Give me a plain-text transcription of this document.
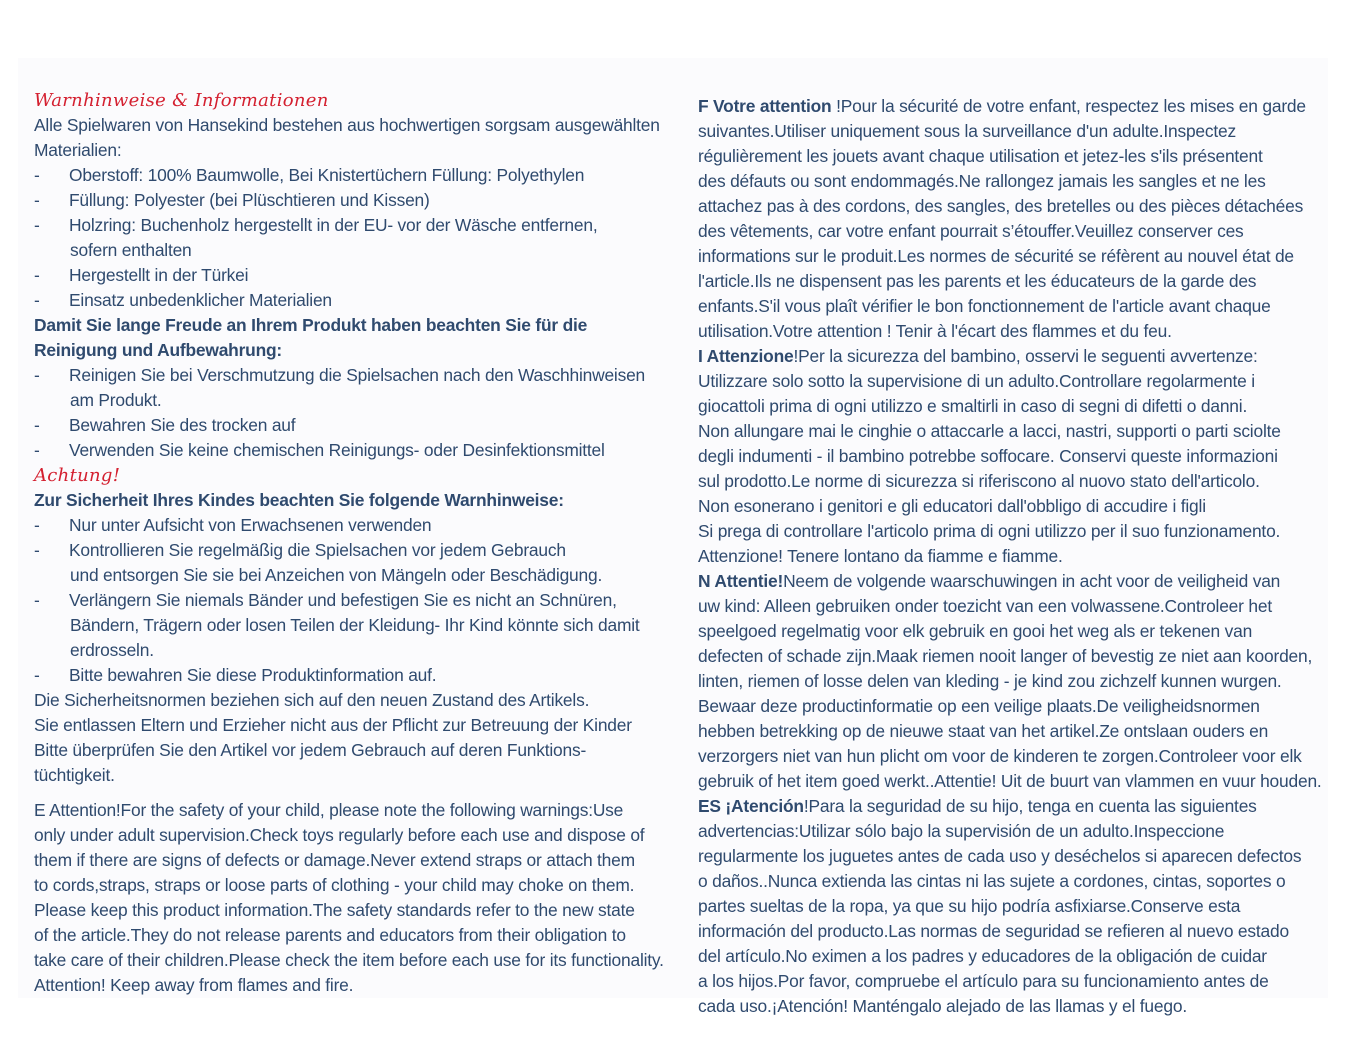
Warnhinweise & Informationen
Alle Spielwaren von Hansekind bestehen aus hochwertigen sorgsam ausgewählten
Materialien:
-	Oberstoff: 100% Baumwolle, Bei Knistertüchern Füllung: Polyethylen
-	Füllung: Polyester (bei Plüschtieren und Kissen)
-	Holzring: Buchenholz hergestellt in der EU- vor der Wäsche entfernen,
sofern enthalten
-	Hergestellt in der Türkei
-	Einsatz unbedenklicher Materialien
Damit Sie lange Freude an Ihrem Produkt haben beachten Sie für die
Reinigung und Aufbewahrung:
-	Reinigen Sie bei Verschmutzung die Spielsachen nach den Waschhinweisen
am Produkt.
-	Bewahren Sie des trocken auf
-	Verwenden Sie keine chemischen Reinigungs- oder Desinfektionsmittel
Achtung!
Zur Sicherheit Ihres Kindes beachten Sie folgende Warnhinweise:
-	Nur unter Aufsicht von Erwachsenen verwenden
-	Kontrollieren Sie regelmäßig die Spielsachen vor jedem Gebrauch
und entsorgen Sie sie bei Anzeichen von Mängeln oder Beschädigung.
-	Verlängern Sie niemals Bänder und befestigen Sie es nicht an Schnüren,
Bändern, Trägern oder losen Teilen der Kleidung- Ihr Kind könnte sich damit
erdrosseln.
-	Bitte bewahren Sie diese Produktinformation auf.
Die Sicherheitsnormen beziehen sich auf den neuen Zustand des Artikels.
Sie entlassen Eltern und Erzieher nicht aus der Pflicht zur Betreuung der Kinder
Bitte überprüfen Sie den Artikel vor jedem Gebrauch auf deren Funktions-
tüchtigkeit.
E Attention!For the safety of your child, please note the following warnings:Use
only under adult supervision.Check toys regularly before each use and dispose of
them if there are signs of defects or damage.Never extend straps or attach them
to cords,straps, straps or loose parts of clothing - your child may choke on them.
Please keep this product information.The safety standards refer to the new state
of the article.They do not release parents and educators from their obligation to
take care of their children.Please check the item before each use for its functionality.
Attention! Keep away from flames and fire.
F Votre attention !Pour la sécurité de votre enfant, respectez les mises en garde
suivantes.Utiliser uniquement sous la surveillance d'un adulte.Inspectez
régulièrement les jouets avant chaque utilisation et jetez-les s'ils présentent
des défauts ou sont endommagés.Ne rallongez jamais les sangles et ne les
attachez pas à des cordons, des sangles, des bretelles ou des pièces détachées
des vêtements, car votre enfant pourrait s’étouffer.Veuillez conserver ces
informations sur le produit.Les normes de sécurité se réfèrent au nouvel état de
l'article.Ils ne dispensent pas les parents et les éducateurs de la garde des
enfants.S'il vous plaît vérifier le bon fonctionnement de l'article avant chaque
utilisation.Votre attention ! Tenir à l'écart des flammes et du feu.
I Attenzione!Per la sicurezza del bambino, osservi le seguenti avvertenze:
Utilizzare solo sotto la supervisione di un adulto.Controllare regolarmente i
giocattoli prima di ogni utilizzo e smaltirli in caso di segni di difetti o danni.
Non allungare mai le cinghie o attaccarle a lacci, nastri, supporti o parti sciolte
degli indumenti - il bambino potrebbe soffocare. Conservi queste informazioni
sul prodotto.Le norme di sicurezza si riferiscono al nuovo stato dell'articolo.
Non esonerano i genitori e gli educatori dall'obbligo di accudire i figli
Si prega di controllare l'articolo prima di ogni utilizzo per il suo funzionamento.
Attenzione! Tenere lontano da fiamme e fiamme.
N Attentie!Neem de volgende waarschuwingen in acht voor de veiligheid van
uw kind: Alleen gebruiken onder toezicht van een volwassene.Controleer het
speelgoed regelmatig voor elk gebruik en gooi het weg als er tekenen van
defecten of schade zijn.Maak riemen nooit langer of bevestig ze niet aan koorden,
linten, riemen of losse delen van kleding - je kind zou zichzelf kunnen wurgen.
Bewaar deze productinformatie op een veilige plaats.De veiligheidsnormen
hebben betrekking op de nieuwe staat van het artikel.Ze ontslaan ouders en
verzorgers niet van hun plicht om voor de kinderen te zorgen.Controleer voor elk
gebruik of het item goed werkt..Attentie! Uit de buurt van vlammen en vuur houden.
ES ¡Atención!Para la seguridad de su hijo, tenga en cuenta las siguientes
advertencias:Utilizar sólo bajo la supervisión de un adulto.Inspeccione
regularmente los juguetes antes de cada uso y deséchelos si aparecen defectos
o daños..Nunca extienda las cintas ni las sujete a cordones, cintas, soportes o
partes sueltas de la ropa, ya que su hijo podría asfixiarse.Conserve esta
información del producto.Las normas de seguridad se refieren al nuevo estado
del artículo.No eximen a los padres y educadores de la obligación de cuidar
a los hijos.Por favor, compruebe el artículo para su funcionamiento antes de
cada uso.¡Atención! Manténgalo alejado de las llamas y el fuego.
